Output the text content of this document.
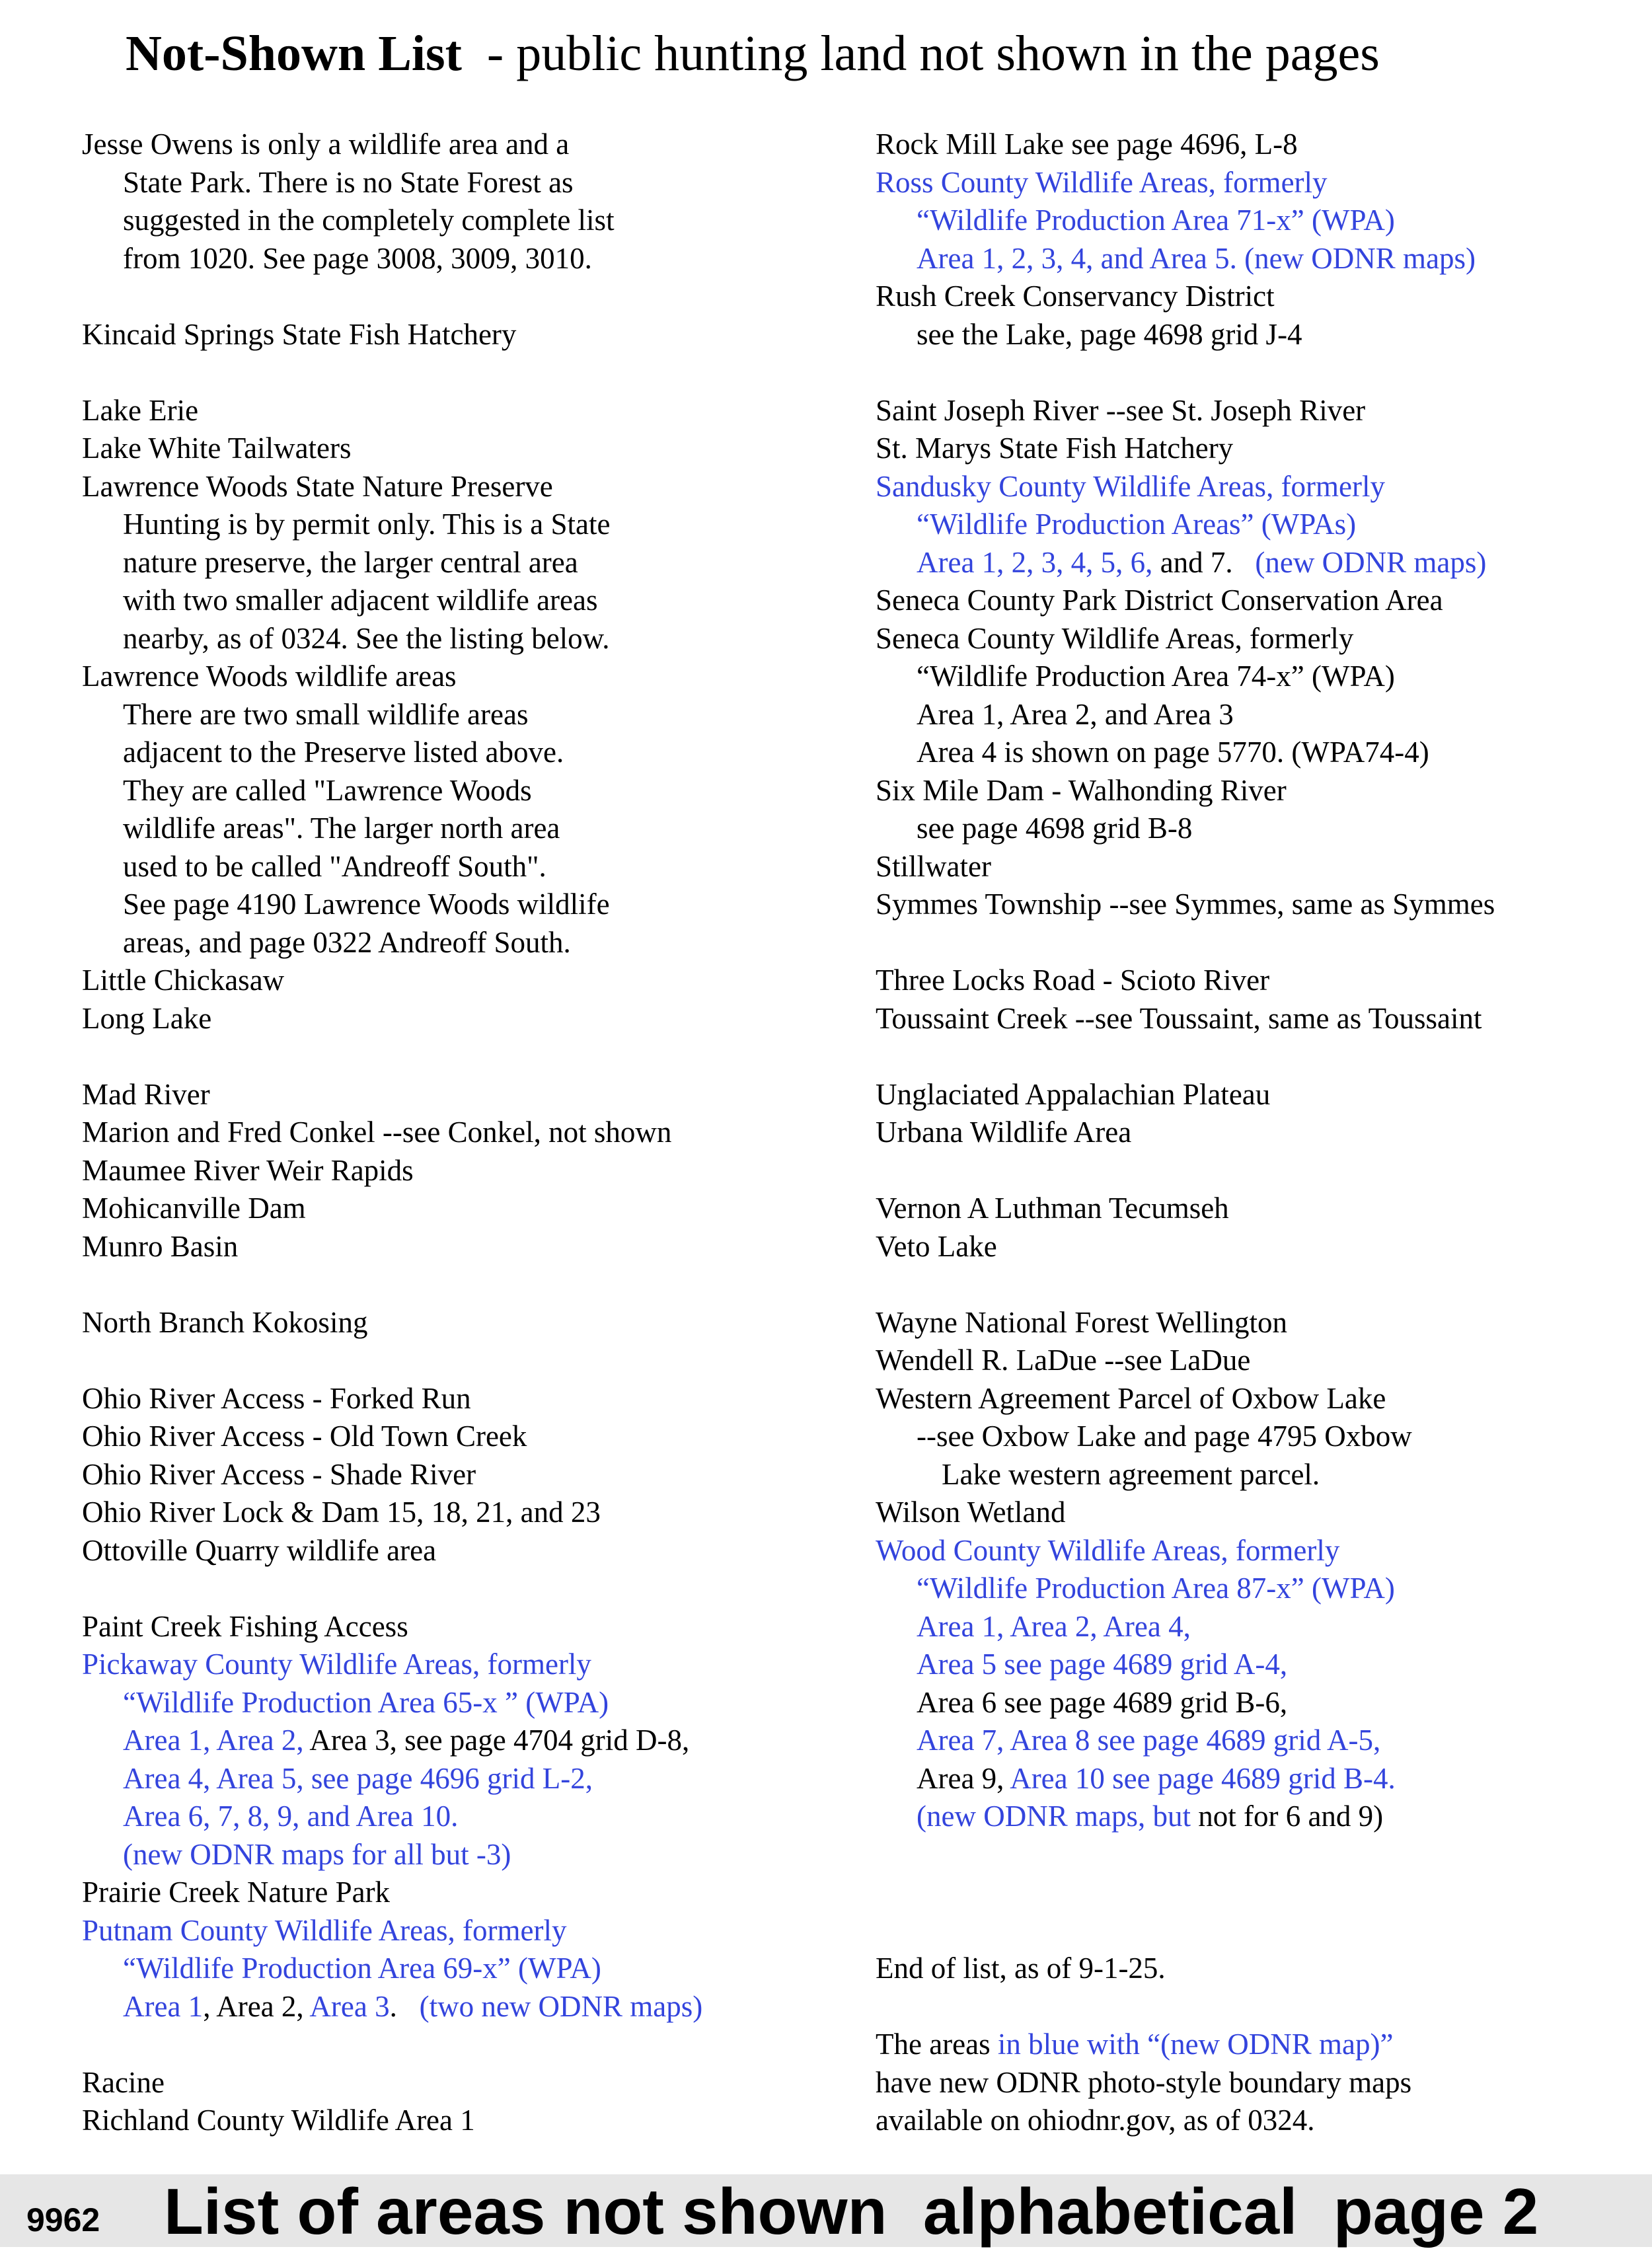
Not-Shown List  - public hunting land not shown in the pages
Jesse Owens is only a wildlife area and a
State Park. There is no State Forest as
suggested in the completely complete list
from 1020. See page 3008, 3009, 3010.
Kincaid Springs State Fish Hatchery
Lake Erie
Lake White Tailwaters
Lawrence Woods State Nature Preserve
Hunting is by permit only. This is a State
nature preserve, the larger central area
with two smaller adjacent wildlife areas
nearby, as of 0324. See the listing below.
Lawrence Woods wildlife areas
There are two small wildlife areas
adjacent to the Preserve listed above.
They are called "Lawrence Woods
wildlife areas". The larger north area
used to be called "Andreoff South".
See page 4190 Lawrence Woods wildlife
areas, and page 0322 Andreoff South.
Little Chickasaw
Long Lake
Mad River
Marion and Fred Conkel --see Conkel, not shown
Maumee River Weir Rapids
Mohicanville Dam
Munro Basin
North Branch Kokosing
Ohio River Access - Forked Run
Ohio River Access - Old Town Creek
Ohio River Access - Shade River
Ohio River Lock & Dam 15, 18, 21, and 23
Ottoville Quarry wildlife area
Paint Creek Fishing Access
Pickaway County Wildlife Areas, formerly
“Wildlife Production Area 65-x ” (WPA)
Area 1, Area 2, Area 3, see page 4704 grid D-8,
Area 4, Area 5, see page 4696 grid L-2,
Area 6, 7, 8, 9, and Area 10.
(new ODNR maps for all but -3)
Prairie Creek Nature Park
Putnam County Wildlife Areas, formerly
“Wildlife Production Area 69-x” (WPA)
Area 1, Area 2, Area 3.   (two new ODNR maps)
Racine
Richland County Wildlife Area 1
Rock Mill Lake see page 4696, L-8
Ross County Wildlife Areas, formerly
“Wildlife Production Area 71-x” (WPA)
Area 1, 2, 3, 4, and Area 5. (new ODNR maps)
Rush Creek Conservancy District
see the Lake, page 4698 grid J-4
Saint Joseph River --see St. Joseph River
St. Marys State Fish Hatchery
Sandusky County Wildlife Areas, formerly
“Wildlife Production Areas” (WPAs)
Area 1, 2, 3, 4, 5, 6, and 7.   (new ODNR maps)
Seneca County Park District Conservation Area
Seneca County Wildlife Areas, formerly
“Wildlife Production Area 74-x” (WPA)
Area 1, Area 2, and Area 3
Area 4 is shown on page 5770. (WPA74-4)
Six Mile Dam - Walhonding River
see page 4698 grid B-8
Stillwater
Symmes Township --see Symmes, same as Symmes
Three Locks Road - Scioto River
Toussaint Creek --see Toussaint, same as Toussaint
Unglaciated Appalachian Plateau
Urbana Wildlife Area
Vernon A Luthman Tecumseh
Veto Lake
Wayne National Forest Wellington
Wendell R. LaDue --see LaDue
Western Agreement Parcel of Oxbow Lake
--see Oxbow Lake and page 4795 Oxbow
Lake western agreement parcel.
Wilson Wetland
Wood County Wildlife Areas, formerly
“Wildlife Production Area 87-x” (WPA)
Area 1, Area 2, Area 4,
Area 5 see page 4689 grid A-4,
Area 6 see page 4689 grid B-6,
Area 7, Area 8 see page 4689 grid A-5,
Area 9, Area 10 see page 4689 grid B-4.
(new ODNR maps, but not for 6 and 9)
End of list, as of 9-1-25.
The areas in blue with “(new ODNR map)”
have new ODNR photo-style boundary maps
available on ohiodnr.gov, as of 0324.
9962 List of areas not shown  alphabetical  page 2
